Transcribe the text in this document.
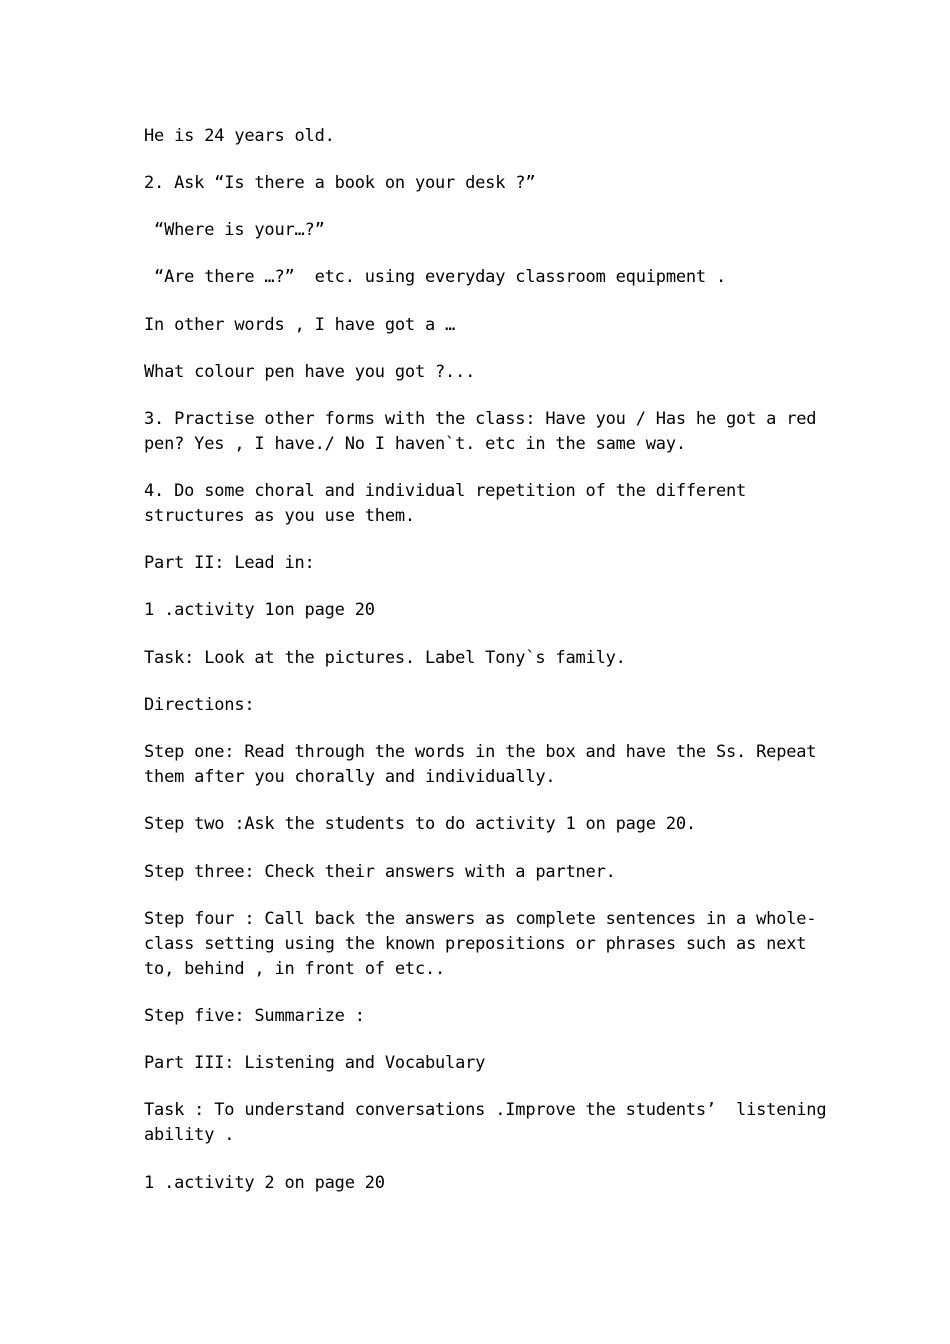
He is 24 years old.

2. Ask “Is there a book on your desk ?”

“Where is your…?”

“Are there …?”  etc. using everyday classroom equipment .

In other words , I have got a …

What colour pen have you got ?...

3. Practise other forms with the class: Have you / Has he got a red
pen? Yes , I have./ No I haven`t. etc in the same way.

4. Do some choral and individual repetition of the different
structures as you use them.

Part II: Lead in:

1 .activity 1on page 20

Task: Look at the pictures. Label Tony`s family.

Directions:

Step one: Read through the words in the box and have the Ss. Repeat
them after you chorally and individually.

Step two :Ask the students to do activity 1 on page 20.

Step three: Check their answers with a partner.

Step four : Call back the answers as complete sentences in a whole-
class setting using the known prepositions or phrases such as next
to, behind , in front of etc..

Step five: Summarize :

Part III: Listening and Vocabulary

Task : To understand conversations .Improve the students’  listening
ability .

1 .activity 2 on page 20
